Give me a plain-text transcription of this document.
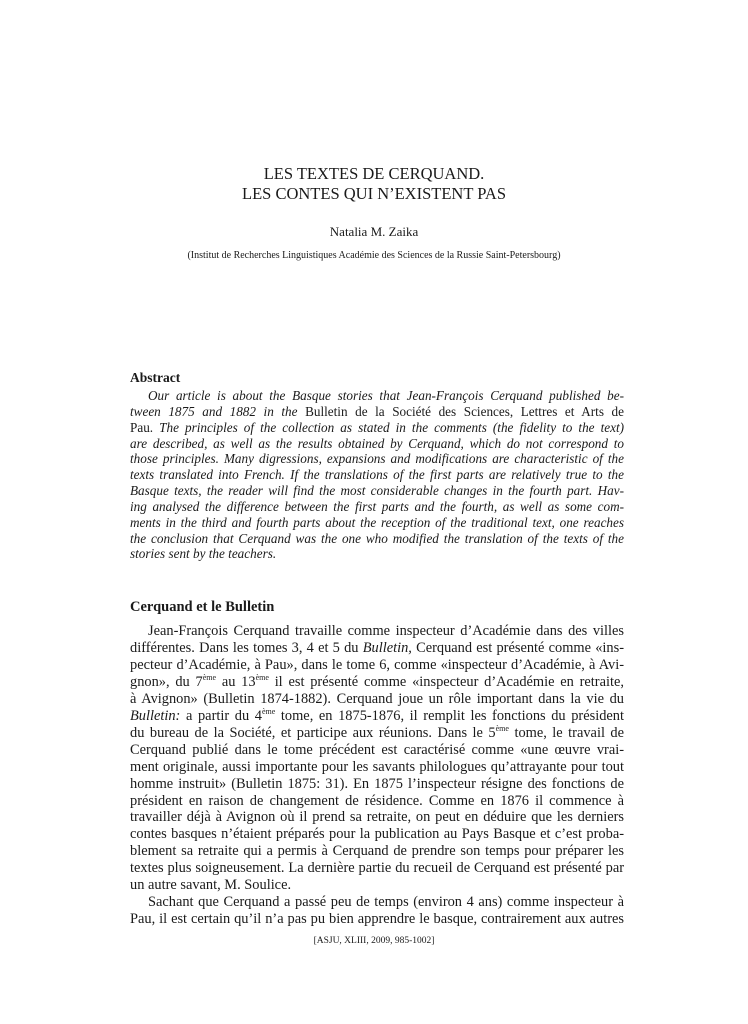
LES TEXTES DE CERQUAND.
LES CONTES QUI N’EXISTENT PAS
Natalia M. Zaika
(Institut de Recherches Linguistiques Académie des Sciences de la Russie Saint-Petersbourg)
Abstract
Our article is about the Basque stories that Jean-François Cerquand published be-
tween 1875 and 1882 in the Bulletin de la Société des Sciences, Lettres et Arts de
Pau. The principles of the collection as stated in the comments (the fidelity to the text)
are described, as well as the results obtained by Cerquand, which do not correspond to
those principles. Many digressions, expansions and modifications are characteristic of the
texts translated into French. If the translations of the first parts are relatively true to the
Basque texts, the reader will find the most considerable changes in the fourth part. Hav-
ing analysed the difference between the first parts and the fourth, as well as some com-
ments in the third and fourth parts about the reception of the traditional text, one reaches
the conclusion that Cerquand was the one who modified the translation of the texts of the
stories sent by the teachers.
Cerquand et le Bulletin
Jean-François Cerquand travaille comme inspecteur d’Académie dans des villes
différentes. Dans les tomes 3, 4 et 5 du Bulletin, Cerquand est présenté comme «ins-
pecteur d’Académie, à Pau», dans le tome 6, comme «inspecteur d’Académie, à Avi-
gnon», du 7ème au 13ème il est présenté comme «inspecteur d’Académie en retraite,
à Avignon» (Bulletin 1874-1882). Cerquand joue un rôle important dans la vie du
Bulletin: a partir du 4ème tome, en 1875-1876, il remplit les fonctions du président
du bureau de la Société, et participe aux réunions. Dans le 5ème tome, le travail de
Cerquand publié dans le tome précédent est caractérisé comme «une œuvre vrai-
ment originale, aussi importante pour les savants philologues qu’attrayante pour tout
homme instruit» (Bulletin 1875: 31). En 1875 l’inspecteur résigne des fonctions de
président en raison de changement de résidence. Comme en 1876 il commence à
travailler déjà à Avignon où il prend sa retraite, on peut en déduire que les derniers
contes basques n’étaient préparés pour la publication au Pays Basque et c’est proba-
blement sa retraite qui a permis à Cerquand de prendre son temps pour préparer les
textes plus soigneusement. La dernière partie du recueil de Cerquand est présenté par
un autre savant, M. Soulice.
Sachant que Cerquand a passé peu de temps (environ 4 ans) comme inspecteur à
Pau, il est certain qu’il n’a pas pu bien apprendre le basque, contrairement aux autres
[ASJU, XLIII, 2009, 985-1002]
